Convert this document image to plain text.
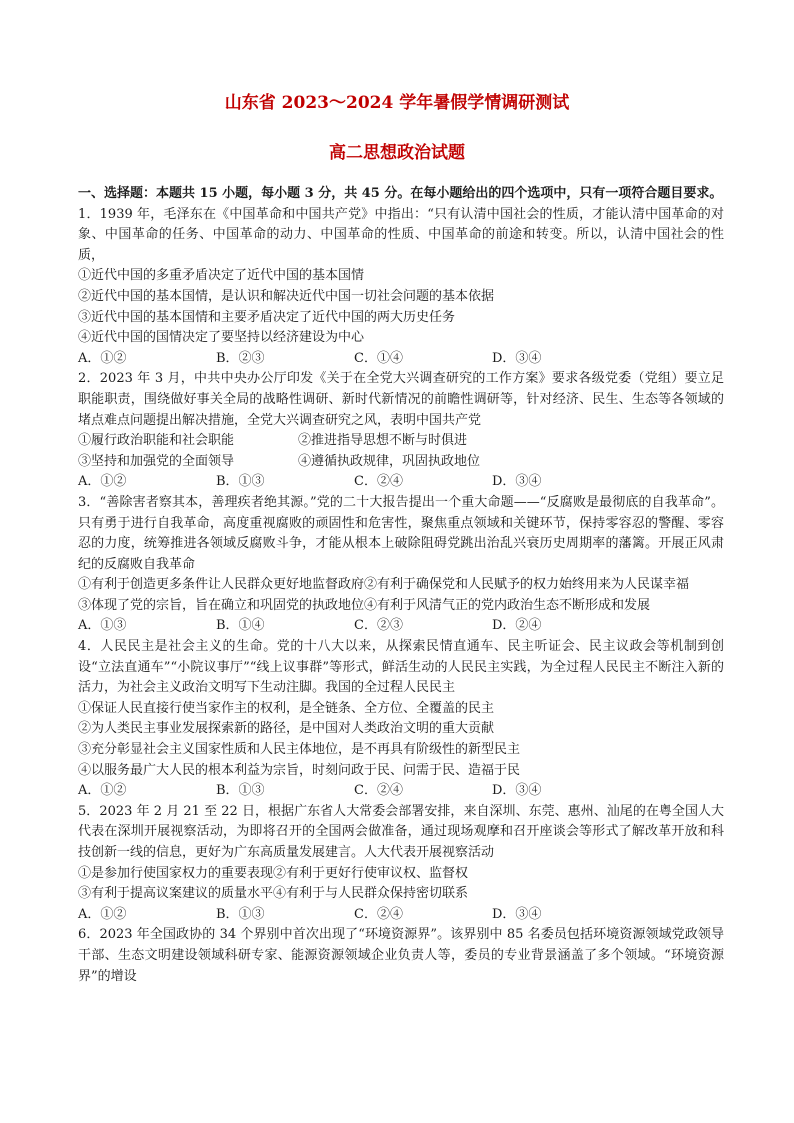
山东省 2023～2024 学年暑假学情调研测试
高二思想政治试题

一、选择题：本题共 15 小题，每小题 3 分，共 45 分。在每小题给出的四个选项中，只有一项符合题目要求。

1．1939 年，毛泽东在《中国革命和中国共产党》中指出：“只有认清中国社会的性质，才能认清中国革命的对象、中国革命的任务、中国革命的动力、中国革命的性质、中国革命的前途和转变。所以，认清中国社会的性质，

①近代中国的多重矛盾决定了近代中国的基本国情

②近代中国的基本国情，是认识和解决近代中国一切社会问题的基本依据

③近代中国的基本国情和主要矛盾决定了近代中国的两大历史任务

④近代中国的国情决定了要坚持以经济建设为中心

A．①②	B．②③	C．①④	D．③④

2．2023 年 3 月，中共中央办公厅印发《关于在全党大兴调查研究的工作方案》要求各级党委（党组）要立足职能职责，围绕做好事关全局的战略性调研、新时代新情况的前瞻性调研等，针对经济、民生、生态等各领域的堵点难点问题提出解决措施，全党大兴调查研究之风，表明中国共产党

①履行政治职能和社会职能	②推进指导思想不断与时俱进
③坚持和加强党的全面领导	④遵循执政规律，巩固执政地位
A．①②	B．①③	C．②④	D．③④

3．“善除害者察其本，善理疾者绝其源。”党的二十大报告提出一个重大命题——“反腐败是最彻底的自我革命”。只有勇于进行自我革命，高度重视腐败的顽固性和危害性，聚焦重点领域和关键环节，保持零容忍的警醒、零容忍的力度，统筹推进各领域反腐败斗争，才能从根本上破除阻碍党跳出治乱兴衰历史周期率的藩篱。开展正风肃纪的反腐败自我革命

①有利于创造更多条件让人民群众更好地监督政府②有利于确保党和人民赋予的权力始终用来为人民谋幸福

③体现了党的宗旨，旨在确立和巩固党的执政地位④有利于风清气正的党内政治生态不断形成和发展

A．①③	B．①④	C．②③	D．②④

4．人民民主是社会主义的生命。党的十八大以来，从探索民情直通车、民主听证会、民主议政会等机制到创设“立法直通车”“小院议事厅”“线上议事群”等形式，鲜活生动的人民民主实践，为全过程人民民主不断注入新的活力，为社会主义政治文明写下生动注脚。我国的全过程人民民主

①保证人民直接行使当家作主的权利，是全链条、全方位、全覆盖的民主

②为人类民主事业发展探索新的路径，是中国对人类政治文明的重大贡献

③充分彰显社会主义国家性质和人民主体地位，是不再具有阶级性的新型民主

④以服务最广大人民的根本利益为宗旨，时刻问政于民、问需于民、造福于民

A．①②	B．①③	C．②④	D．③④

5．2023 年 2 月 21 至 22 日，根据广东省人大常委会部署安排，来自深圳、东莞、惠州、汕尾的在粤全国人大代表在深圳开展视察活动，为即将召开的全国两会做准备，通过现场观摩和召开座谈会等形式了解改革开放和科技创新一线的信息，更好为广东高质量发展建言。人大代表开展视察活动

①是参加行使国家权力的重要表现②有利于更好行使审议权、监督权

③有利于提高议案建议的质量水平④有利于与人民群众保持密切联系

A．①②	B．①③	C．②④	D．③④

6．2023 年全国政协的 34 个界别中首次出现了“环境资源界”。该界别中 85 名委员包括环境资源领域党政领导干部、生态文明建设领域科研专家、能源资源领域企业负责人等，委员的专业背景涵盖了多个领域。“环境资源界”的增设
